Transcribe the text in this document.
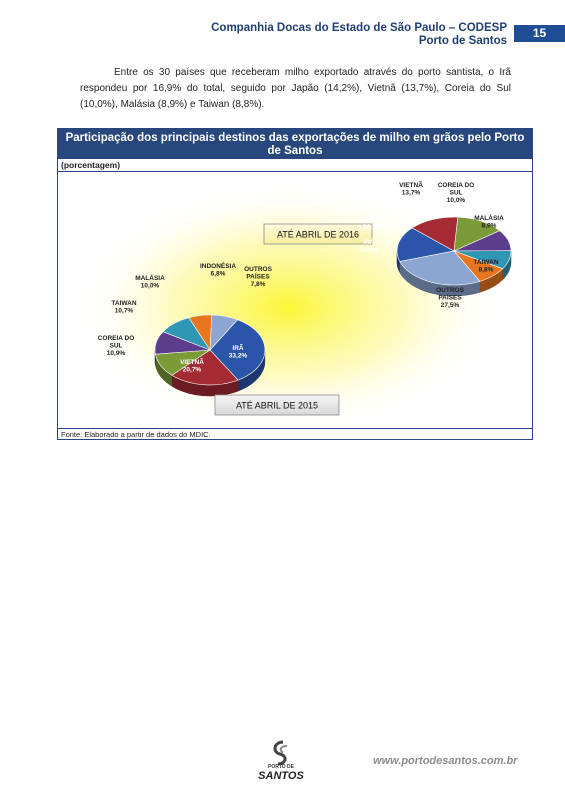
Companhia Docas do Estado de São Paulo – CODESP
Porto de Santos
15

Entre os 30 países que receberam milho exportado através do porto santista, o Irã respondeu por 16,9% do total, seguido por Japão (14,2%), Vietnã (13,7%), Coreia do Sul (10,0%), Malásia (8,9%) e Taiwan (8,8%).

Participação dos principais destinos das exportações de milho em grãos pelo Porto de Santos
(porcentagem)
ATÉ ABRIL DE 2016
IRÃ 16,9%
JAPÃO 14,2%
VIETNÃ 13,7%
COREIA DO SUL 10,0%
MALÁSIA 8,9%
TAIWAN 8,8%
OUTROS PAÍSES 27,5%
ATÉ ABRIL DE 2015
IRÃ 33,2%
VIETNÃ 20,7%
COREIA DO SUL 10,9%
TAIWAN 10,7%
MALÁSIA 10,0%
INDONÉSIA 6,8%
OUTROS PAÍSES 7,8%
Fonte: Elaborado a partir de dados do MDIC.
PORTO DE
SANTOS
www.portodesantos.com.br
